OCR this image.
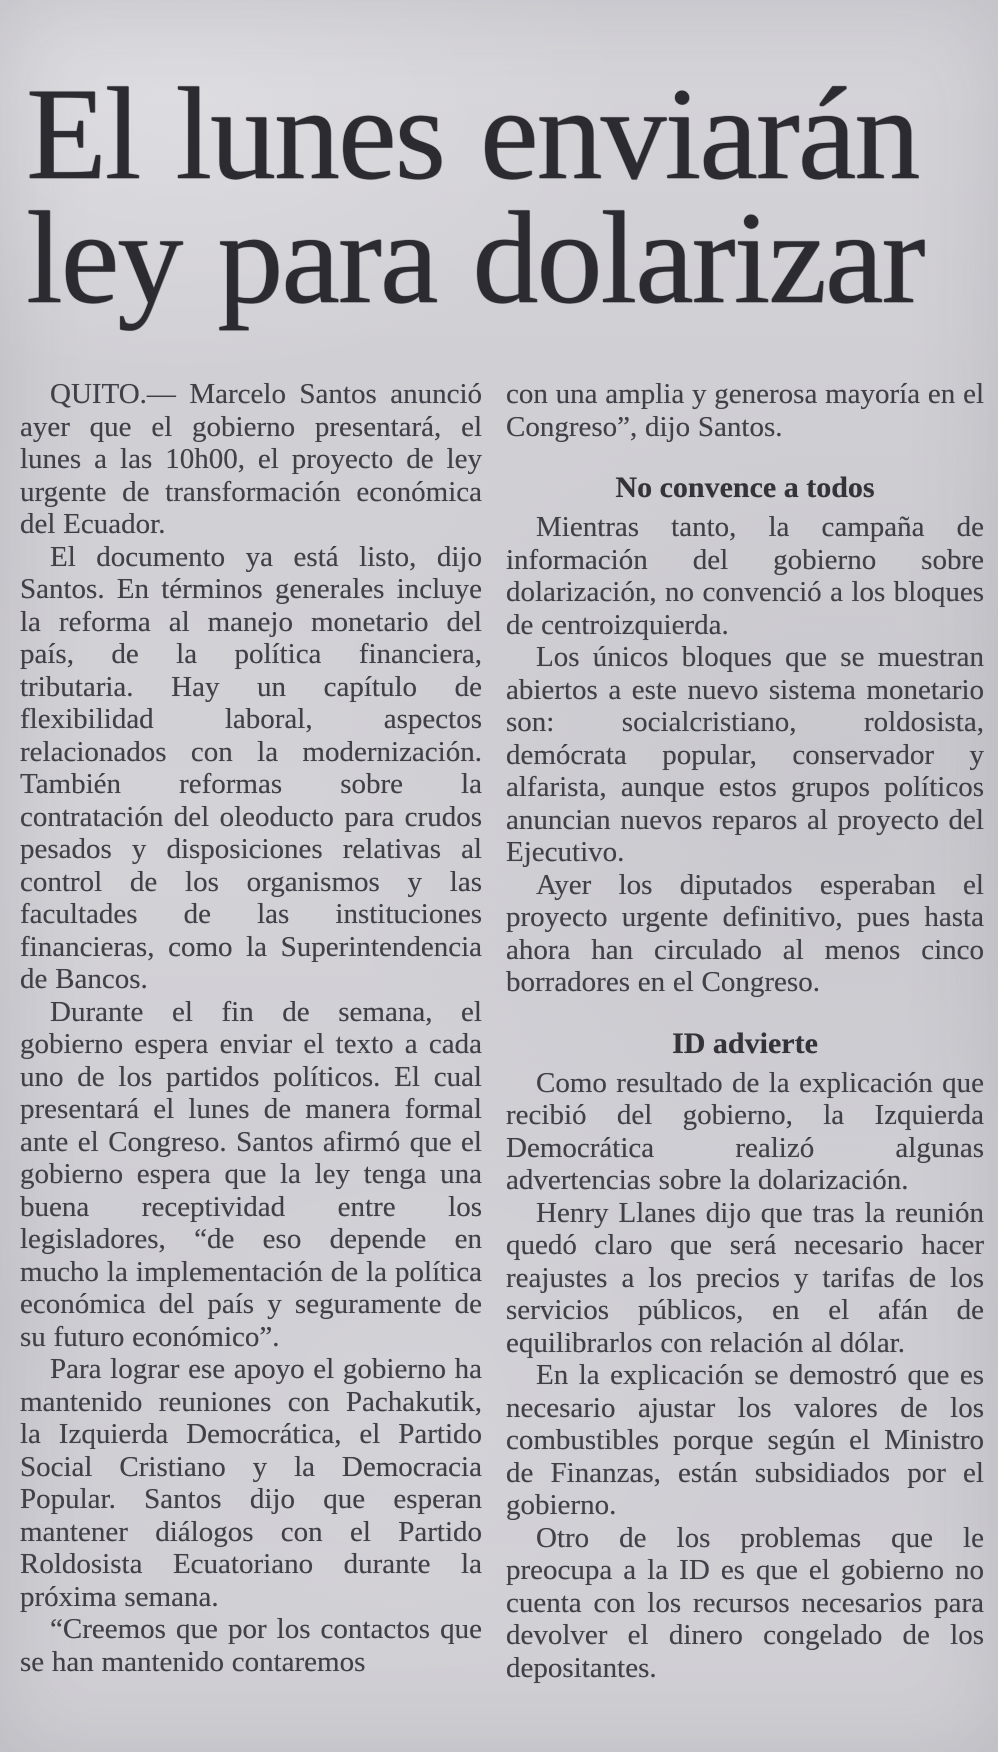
El lunes enviarán
ley para dolarizar

QUITO.— Marcelo Santos anunció ayer que el gobierno presentará, el lunes a las 10h00, el proyecto de ley urgente de transformación económica del Ecuador.

El documento ya está listo, dijo Santos. En términos generales incluye la reforma al manejo monetario del país, de la política financiera, tributaria. Hay un capítulo de flexibilidad laboral, aspectos relacionados con la modernización. También reformas sobre la contratación del oleoducto para crudos pesados y disposiciones relativas al control de los organismos y las facultades de las instituciones financieras, como la Superintendencia de Bancos.

Durante el fin de semana, el gobierno espera enviar el texto a cada uno de los partidos políticos. El cual presentará el lunes de manera formal ante el Congreso. Santos afirmó que el gobierno espera que la ley tenga una buena receptividad entre los legisladores, “de eso depende en mucho la implementación de la política económica del país y seguramente de su futuro económico”.

Para lograr ese apoyo el gobierno ha mantenido reuniones con Pachakutik, la Izquierda Democrática, el Partido Social Cristiano y la Democracia Popular. Santos dijo que esperan mantener diálogos con el Partido Roldosista Ecuatoriano durante la próxima semana.

“Creemos que por los contactos que se han mantenido contaremos

con una amplia y generosa mayoría en el Congreso”, dijo Santos.

No convence a todos

Mientras tanto, la campaña de información del gobierno sobre dolarización, no convenció a los bloques de centroizquierda.

Los únicos bloques que se muestran abiertos a este nuevo sistema monetario son: socialcristiano, roldosista, demócrata popular, conservador y alfarista, aunque estos grupos políticos anuncian nuevos reparos al proyecto del Ejecutivo.

Ayer los diputados esperaban el proyecto urgente definitivo, pues hasta ahora han circulado al menos cinco borradores en el Congreso.

ID advierte

Como resultado de la explicación que recibió del gobierno, la Izquierda Democrática realizó algunas advertencias sobre la dolarización.

Henry Llanes dijo que tras la reunión quedó claro que será necesario hacer reajustes a los precios y tarifas de los servicios públicos, en el afán de equilibrarlos con relación al dólar.

En la explicación se demostró que es necesario ajustar los valores de los combustibles porque según el Ministro de Finanzas, están subsidiados por el gobierno.

Otro de los problemas que le preocupa a la ID es que el gobierno no cuenta con los recursos necesarios para devolver el dinero congelado de los depositantes.
